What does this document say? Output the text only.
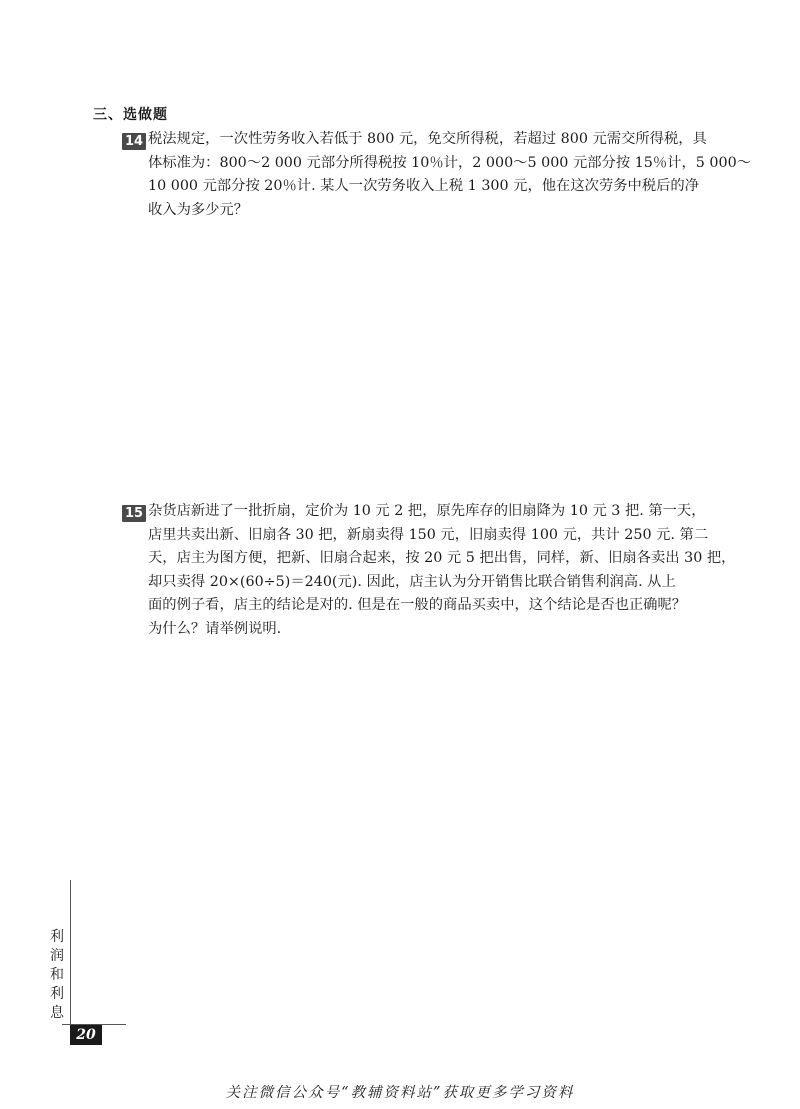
三、选做题
14 税法规定，一次性劳务收入若低于 800 元，免交所得税，若超过 800 元需交所得税，具
体标准为：800～2 000 元部分所得税按 10％计，2 000～5 000 元部分按 15％计，5 000～
10 000 元部分按 20％计. 某人一次劳务收入上税 1 300 元，他在这次劳务中税后的净
收入为多少元？
15 杂货店新进了一批折扇，定价为 10 元 2 把，原先库存的旧扇降为 10 元 3 把. 第一天，
店里共卖出新、旧扇各 30 把，新扇卖得 150 元，旧扇卖得 100 元，共计 250 元. 第二
天，店主为图方便，把新、旧扇合起来，按 20 元 5 把出售，同样，新、旧扇各卖出 30 把，
却只卖得 20×(60÷5)＝240(元). 因此，店主认为分开销售比联合销售利润高. 从上
面的例子看，店主的结论是对的. 但是在一般的商品买卖中，这个结论是否也正确呢？
为什么？请举例说明.
利
润
和
利
息
20
关注微信公众号“教辅资料站”获取更多学习资料
